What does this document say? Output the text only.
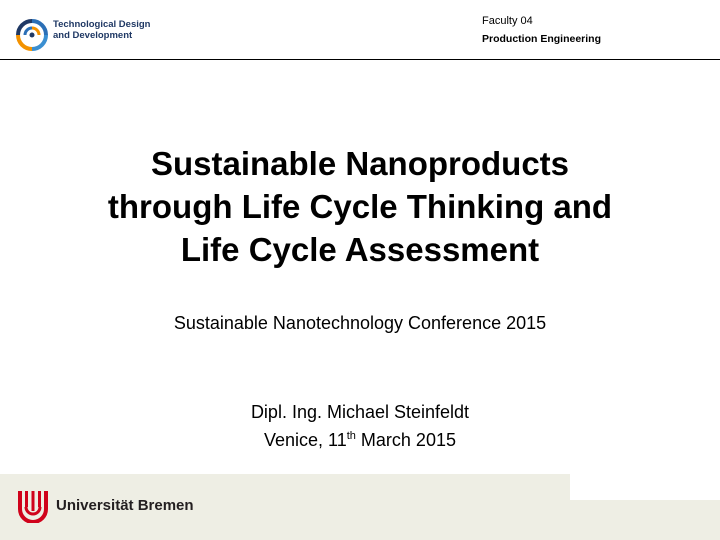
Technological Design
and Development
Faculty 04
Production Engineering
Sustainable Nanoproducts
through Life Cycle Thinking and
Life Cycle Assessment
Sustainable Nanotechnology Conference 2015
Dipl. Ing. Michael Steinfeldt
Venice, 11th March 2015
Universität Bremen
